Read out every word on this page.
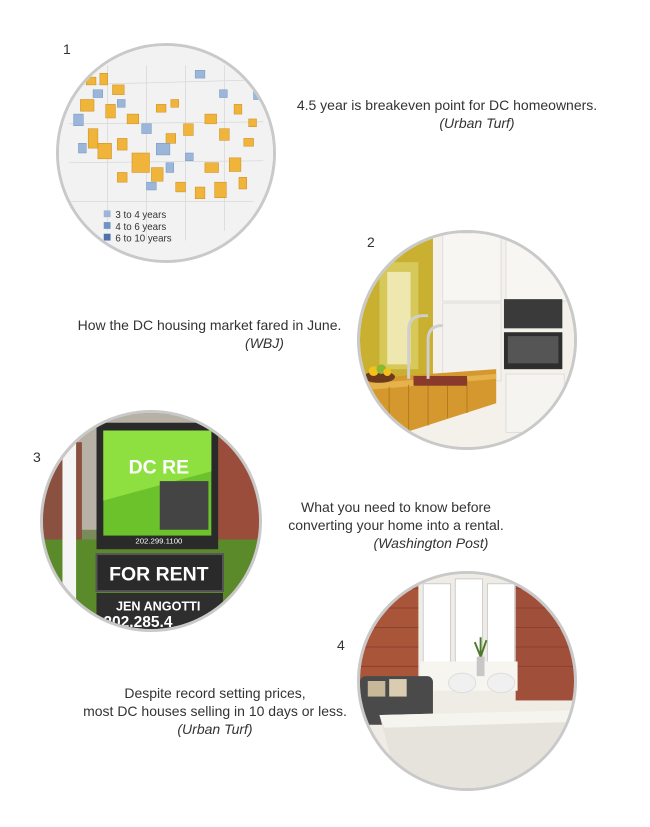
1
er	3 to 4 years
4 to 6 years
6 to 10 years
4.5 year is breakeven point for DC homeowners.
(Urban Turf)
2
How the DC housing market fared in June.
(WBJ)
3	DC RE
202.299.1100
FOR RENT
JEN ANGOTTI
202.285.4
What you need to know before
converting your home into a rental.
(Washington Post)
4
Despite record setting prices,
most DC houses selling in 10 days or less.
(Urban Turf)
